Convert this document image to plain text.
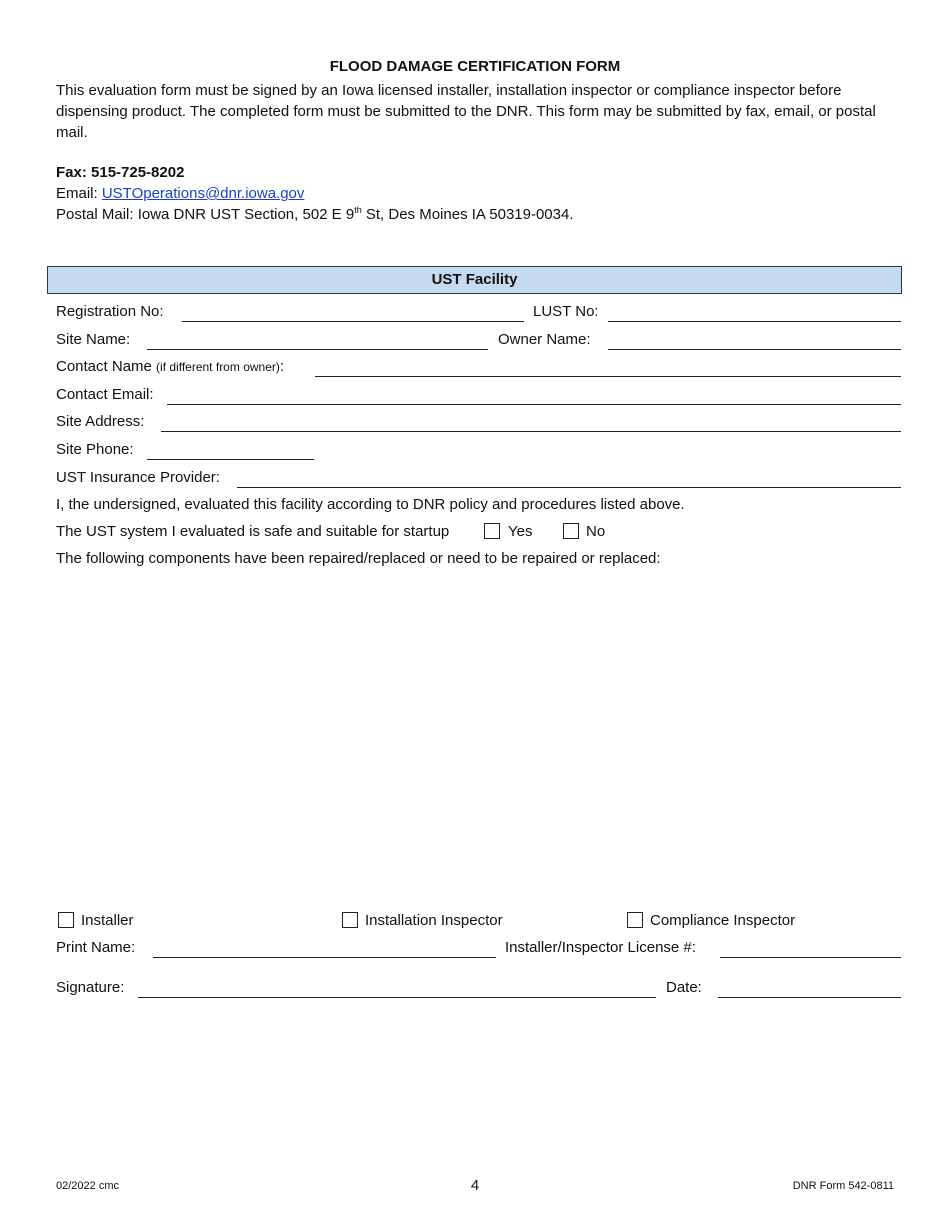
FLOOD DAMAGE CERTIFICATION FORM
This evaluation form must be signed by an Iowa licensed installer, installation inspector or compliance inspector before dispensing product. The completed form must be submitted to the DNR. This form may be submitted by fax, email, or postal mail.
Fax: 515-725-8202
Email: USTOperations@dnr.iowa.gov
Postal Mail: Iowa DNR UST Section, 502 E 9th St, Des Moines IA 50319-0034.
UST Facility
Registration No:	LUST No:
Site Name:	Owner Name:
Contact Name (if different from owner):
Contact Email:
Site Address:
Site Phone:
UST Insurance Provider:
I, the undersigned, evaluated this facility according to DNR policy and procedures listed above.
The UST system I evaluated is safe and suitable for startup	Yes	No
The following components have been repaired/replaced or need to be repaired or replaced:
Installer	Installation Inspector	Compliance Inspector
Print Name:	Installer/Inspector License #:
Signature:	Date:
02/2022 cmc	4	DNR Form 542-0811
